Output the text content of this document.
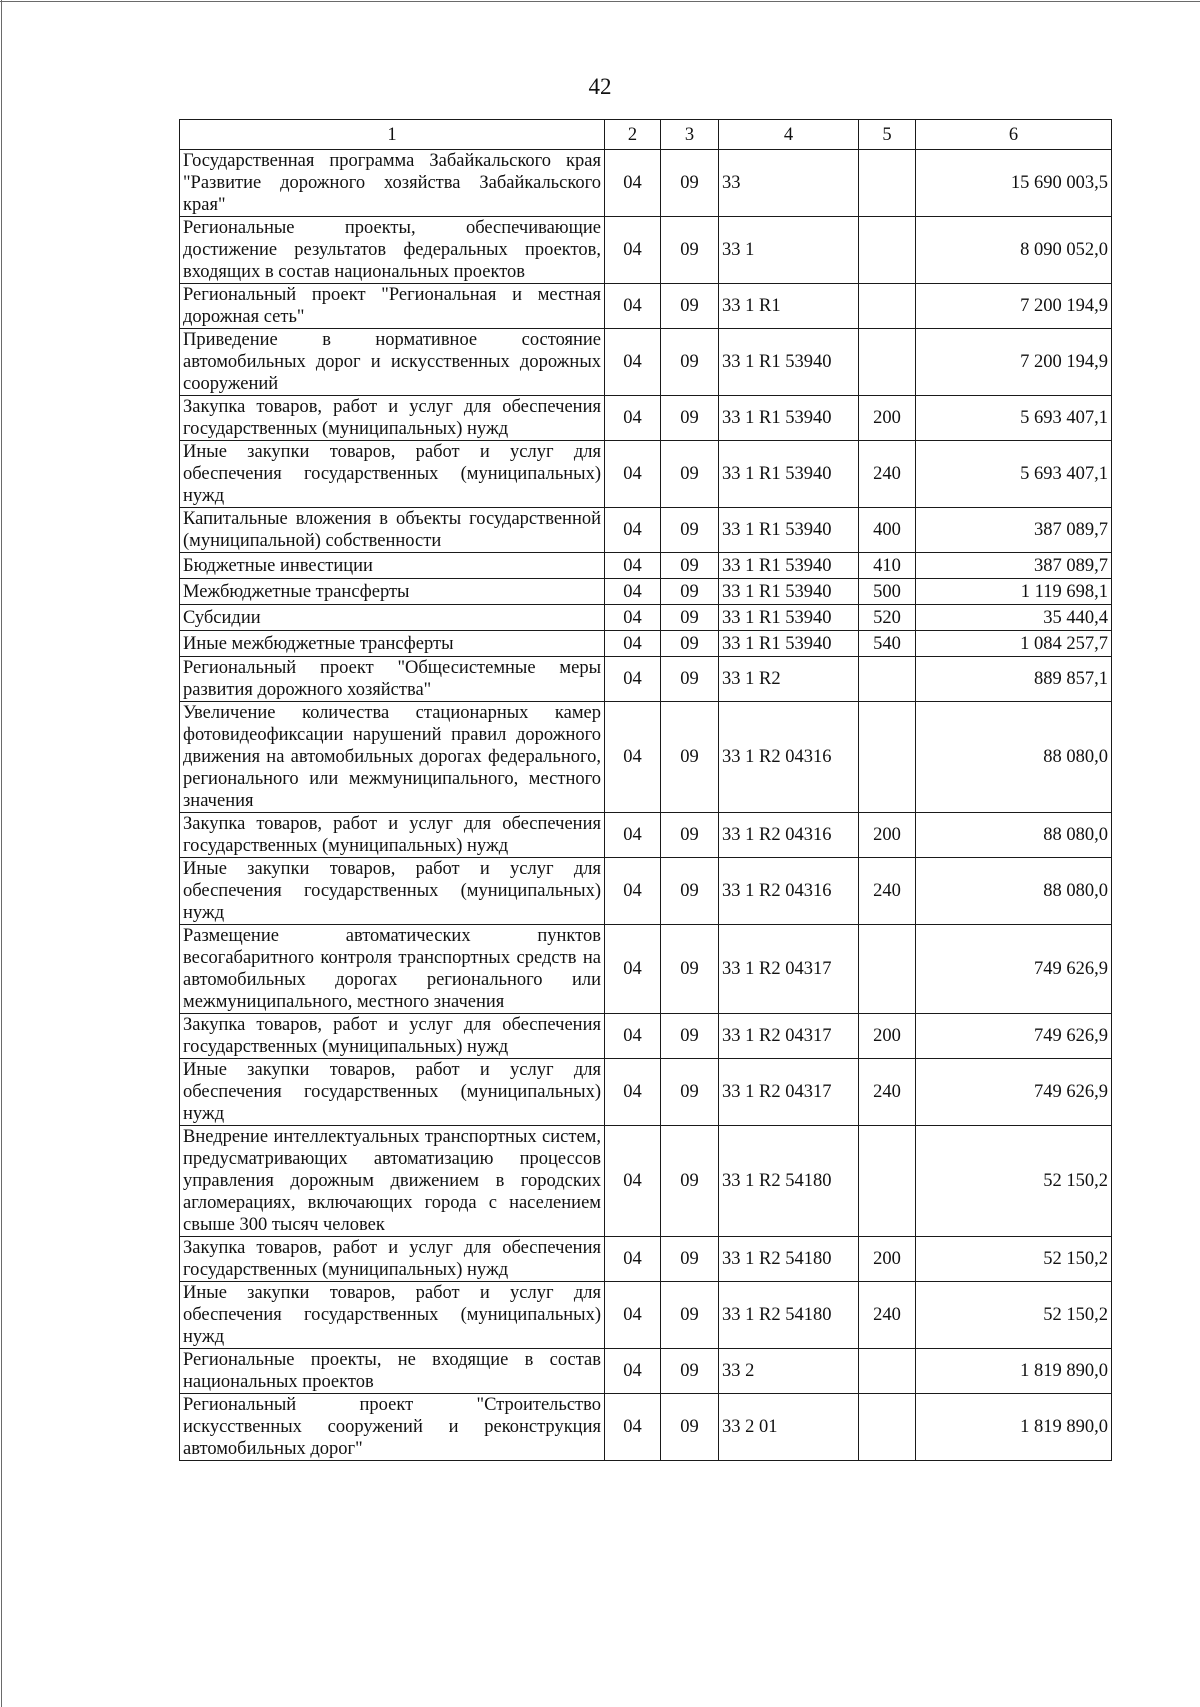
42
1	2	3	4	5	6
Государственная программа Забайкальского края "Развитие дорожного хозяйства Забайкальского края"	04	09	33		15 690 003,5
Региональные проекты, обеспечивающие достижение результатов федеральных проектов, входящих в состав национальных проектов	04	09	33 1		8 090 052,0
Региональный проект "Региональная и местная дорожная сеть"	04	09	33 1 R1		7 200 194,9
Приведение в нормативное состояние автомобильных дорог и искусственных дорожных сооружений	04	09	33 1 R1 53940		7 200 194,9
Закупка товаров, работ и услуг для обеспечения государственных (муниципальных) нужд	04	09	33 1 R1 53940	200	5 693 407,1
Иные закупки товаров, работ и услуг для обеспечения государственных (муниципальных) нужд	04	09	33 1 R1 53940	240	5 693 407,1
Капитальные вложения в объекты государственной (муниципальной) собственности	04	09	33 1 R1 53940	400	387 089,7
Бюджетные инвестиции	04	09	33 1 R1 53940	410	387 089,7
Межбюджетные трансферты	04	09	33 1 R1 53940	500	1 119 698,1
Субсидии	04	09	33 1 R1 53940	520	35 440,4
Иные межбюджетные трансферты	04	09	33 1 R1 53940	540	1 084 257,7
Региональный проект "Общесистемные меры развития дорожного хозяйства"	04	09	33 1 R2		889 857,1
Увеличение количества стационарных камер фотовидеофиксации нарушений правил дорожного движения на автомобильных дорогах федерального, регионального или межмуниципального, местного значения	04	09	33 1 R2 04316		88 080,0
Закупка товаров, работ и услуг для обеспечения государственных (муниципальных) нужд	04	09	33 1 R2 04316	200	88 080,0
Иные закупки товаров, работ и услуг для обеспечения государственных (муниципальных) нужд	04	09	33 1 R2 04316	240	88 080,0
Размещение автоматических пунктов весогабаритного контроля транспортных средств на автомобильных дорогах регионального или межмуниципального, местного значения	04	09	33 1 R2 04317		749 626,9
Закупка товаров, работ и услуг для обеспечения государственных (муниципальных) нужд	04	09	33 1 R2 04317	200	749 626,9
Иные закупки товаров, работ и услуг для обеспечения государственных (муниципальных) нужд	04	09	33 1 R2 04317	240	749 626,9
Внедрение интеллектуальных транспортных систем, предусматривающих автоматизацию процессов управления дорожным движением в городских агломерациях, включающих города с населением свыше 300 тысяч человек	04	09	33 1 R2 54180		52 150,2
Закупка товаров, работ и услуг для обеспечения государственных (муниципальных) нужд	04	09	33 1 R2 54180	200	52 150,2
Иные закупки товаров, работ и услуг для обеспечения государственных (муниципальных) нужд	04	09	33 1 R2 54180	240	52 150,2
Региональные проекты, не входящие в состав национальных проектов	04	09	33 2		1 819 890,0
Региональный проект "Строительство искусственных сооружений и реконструкция автомобильных дорог"	04	09	33 2 01		1 819 890,0
